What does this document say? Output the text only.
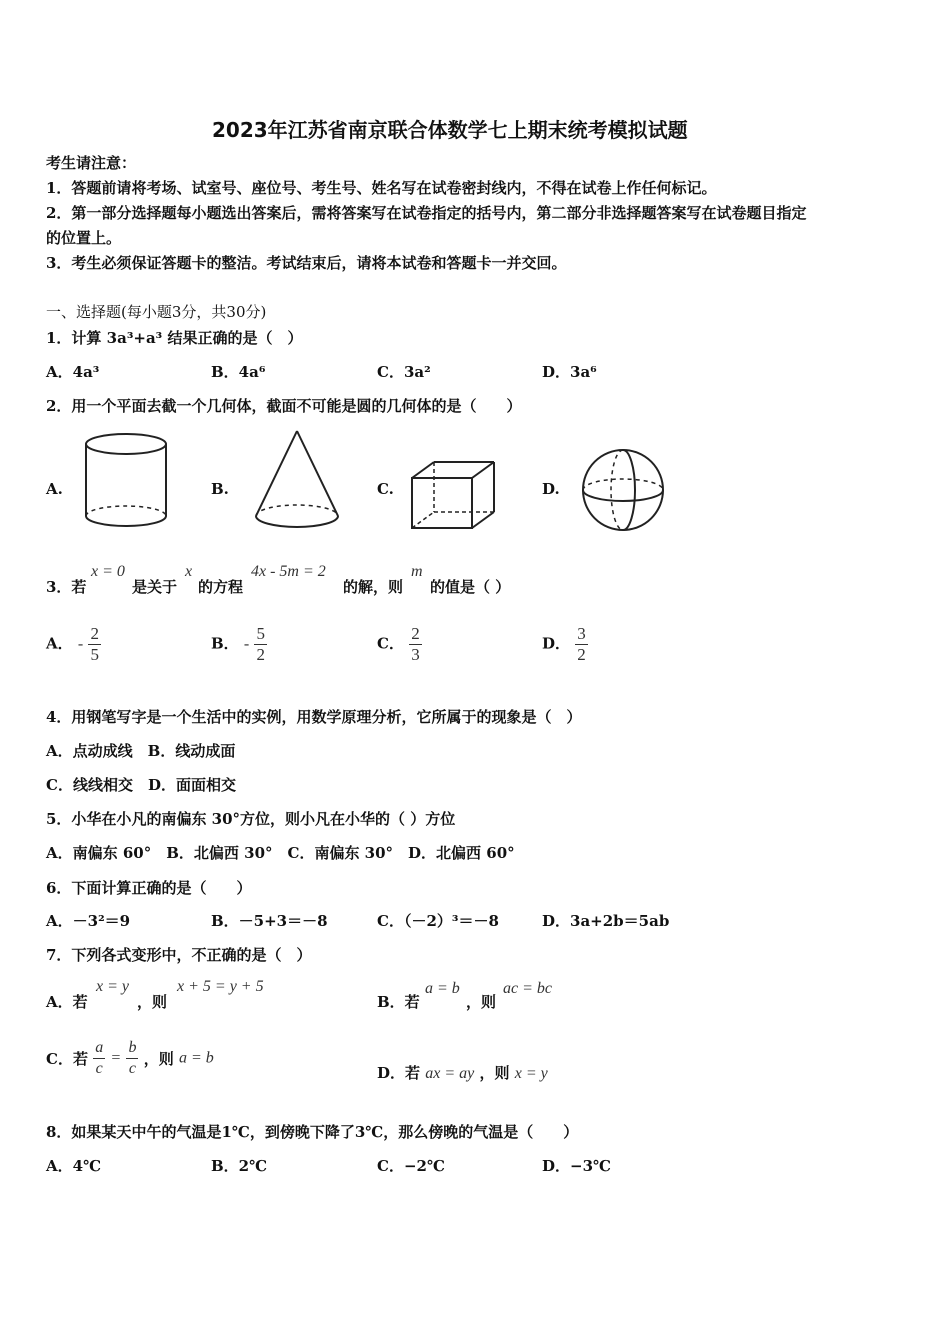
2023年江苏省南京联合体数学七上期末统考模拟试题
考生请注意：
1．答题前请将考场、试室号、座位号、考生号、姓名写在试卷密封线内，不得在试卷上作任何标记。
2．第一部分选择题每小题选出答案后，需将答案写在试卷指定的括号内，第二部分非选择题答案写在试卷题目指定
的位置上。
3．考生必须保证答题卡的整洁。考试结束后，请将本试卷和答题卡一并交回。
一、选择题(每小题3分，共30分)
1．计算 3a³+a³ 结果正确的是（　）
A．4a³	B．4a⁶	C．3a²	D．3a⁶
2．用一个平面去截一个几何体，截面不可能是圆的几何体的是（　　）
A.	B.	C.	D.
3．若
x = 0
是关于
x
的方程
4x - 5m = 2
的解，则
m
的值是（ ）
A． - $\frac{2}{5}$	B． - $\frac{5}{2}$	C． $\frac{2}{3}$	D． $\frac{3}{2}$
4．用钢笔写字是一个生活中的实例，用数学原理分析，它所属于的现象是（　）
A．点动成线　B．线动成面
C．线线相交　D．面面相交
5．小华在小凡的南偏东 30°方位，则小凡在小华的（ ）方位
A．南偏东 60°　B．北偏西 30°　C．南偏东 30°　D．北偏西 60°
6．下面计算正确的是（　　）
A．－3²＝9	B．－5+3＝－8	C．（－2）³＝－8	D．3a+2b＝5ab
7．下列各式变形中，不正确的是（　）
A．若
x = y
，则
x + 5 = y + 5
B．若
a = b
，则
ac = bc
C．若 $\frac{a}{c} = \frac{b}{c}$ ，则 a = b
D．若 ax = ay ，则 x = y
8．如果某天中午的气温是1℃，到傍晚下降了3℃，那么傍晚的气温是（　　）
A．4℃	B．2℃	C．−2℃	D．−3℃
